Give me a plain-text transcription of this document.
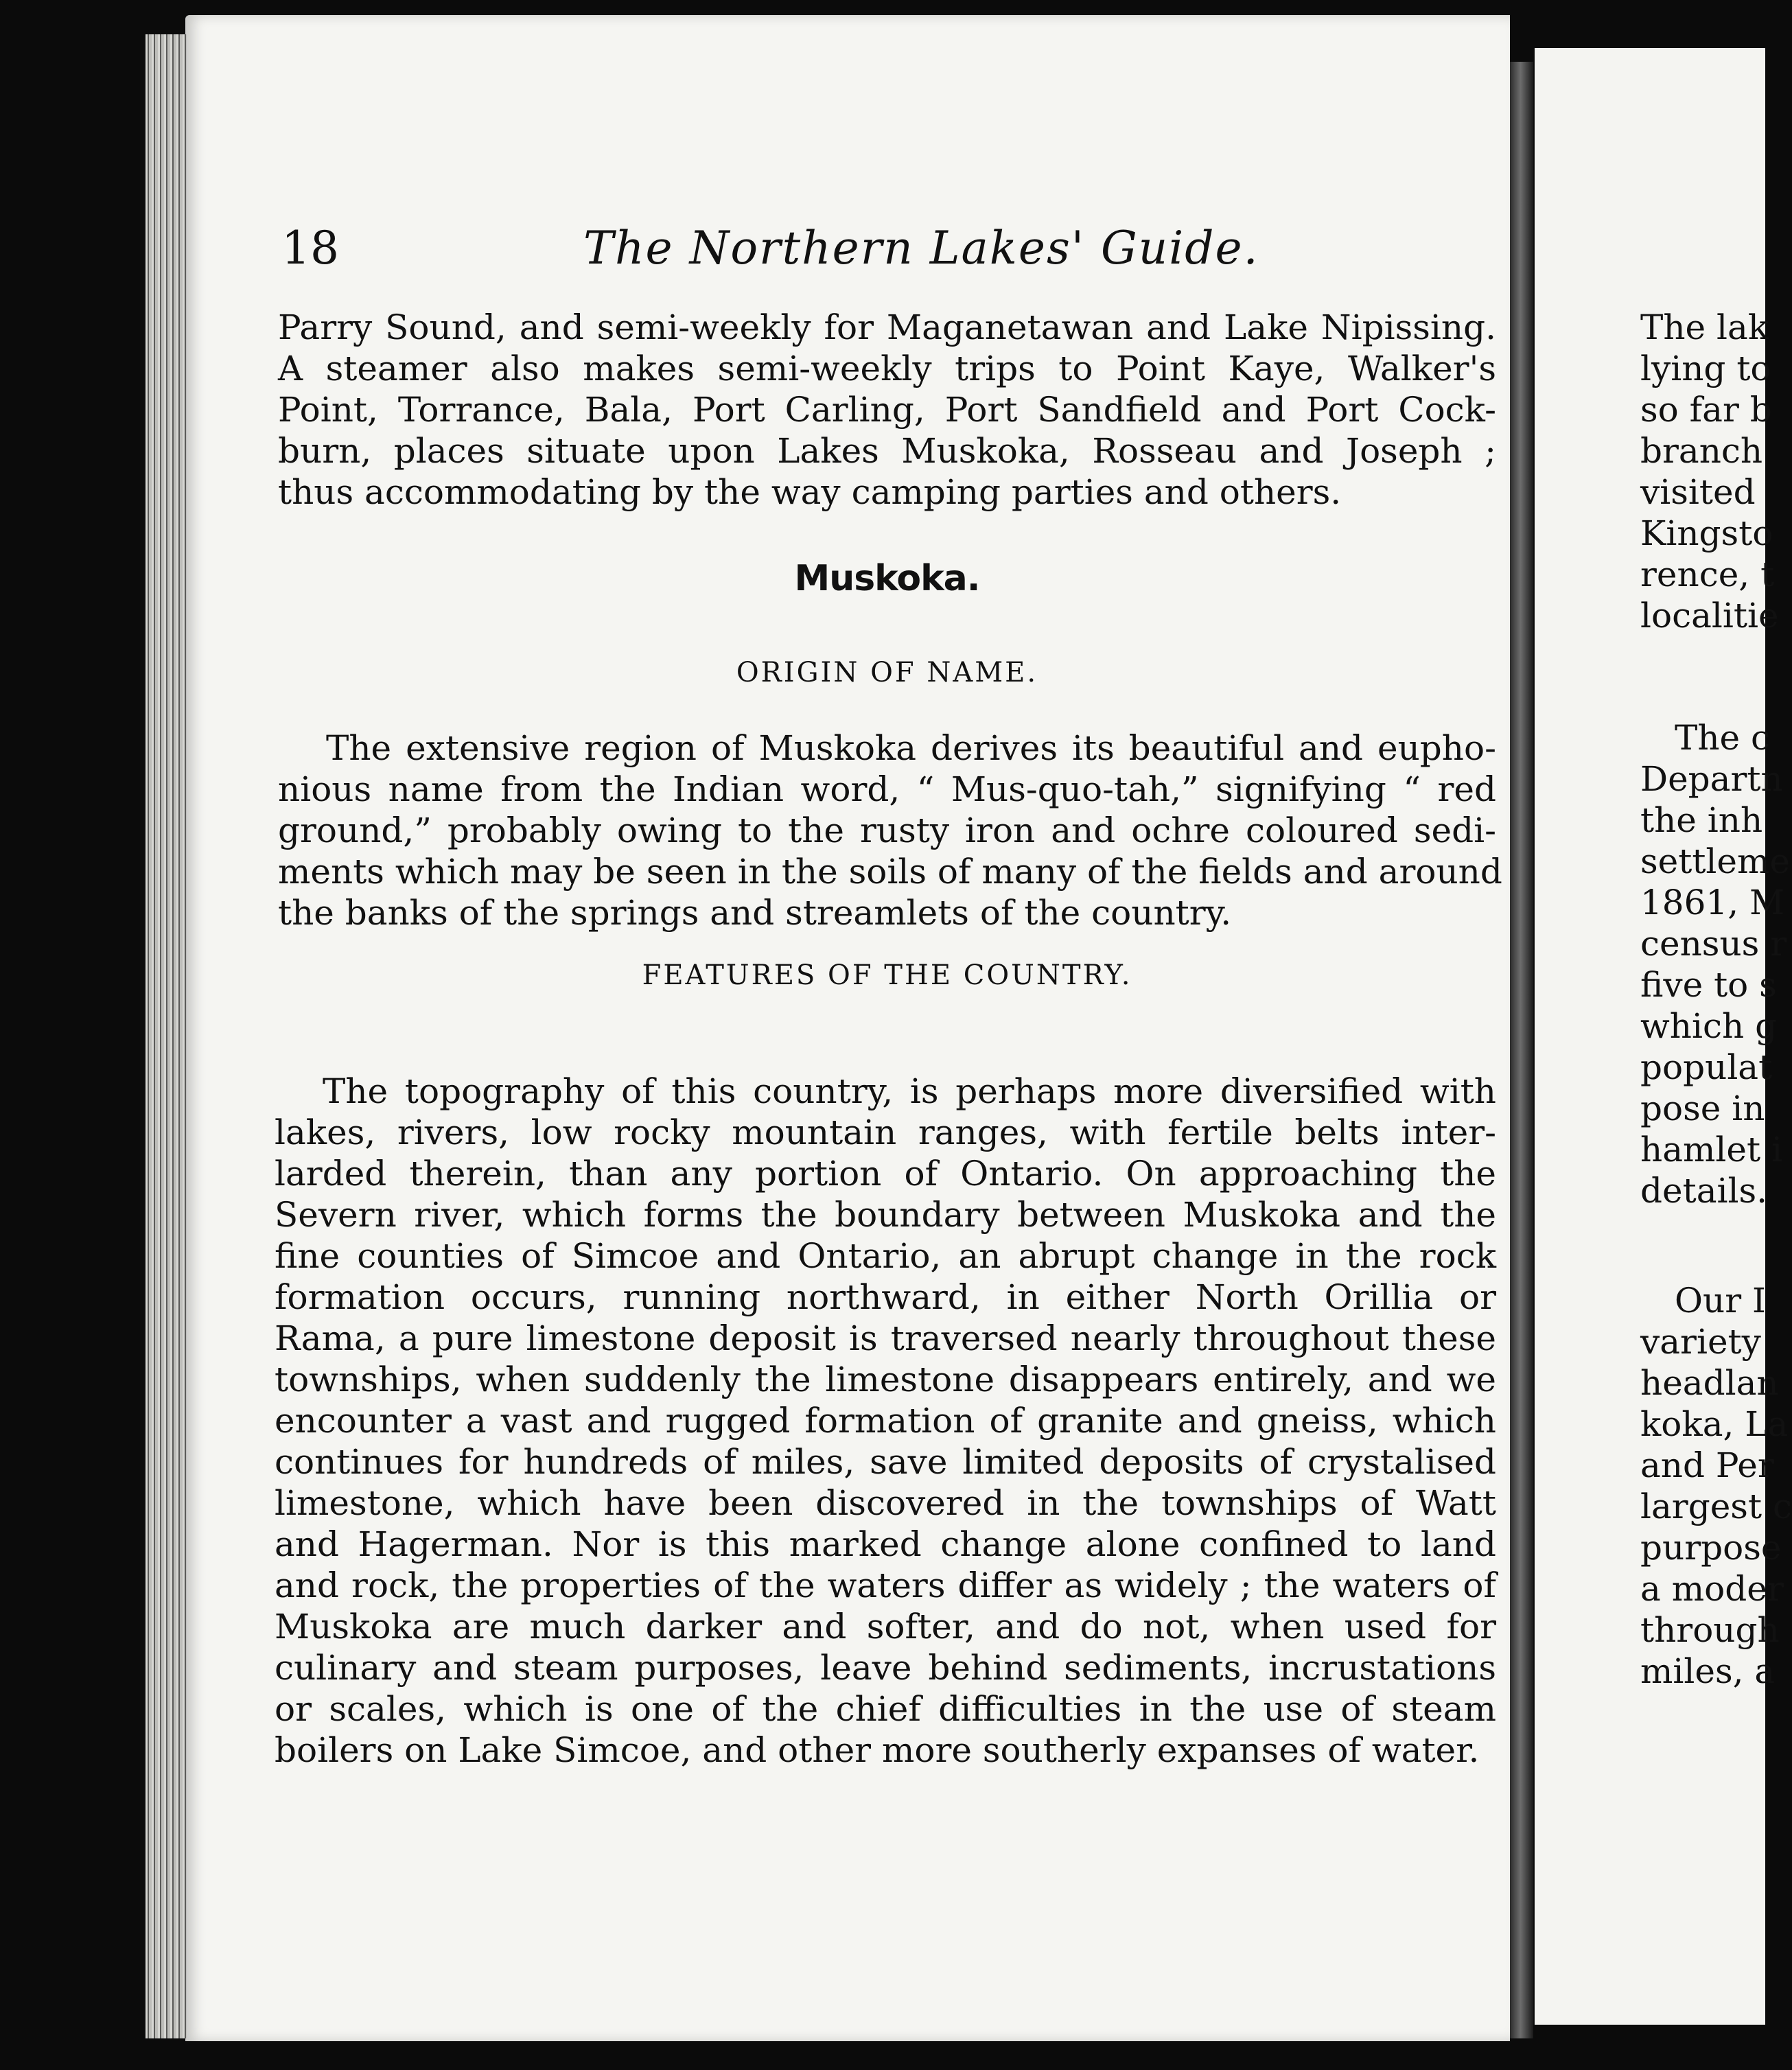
18	The Northern Lakes' Guide.
Parry Sound, and semi-weekly for Maganetawan and Lake Nipissing.
A steamer also makes semi-weekly trips to Point Kaye, Walker's
Point, Torrance, Bala, Port Carling, Port Sandfield and Port Cock-
burn, places situate upon Lakes Muskoka, Rosseau and Joseph ;
thus accommodating by the way camping parties and others.
Muskoka.
ORIGIN OF NAME.
The extensive region of Muskoka derives its beautiful and eupho-
nious name from the Indian word, “ Mus-quo-tah,” signifying “ red
ground,” probably owing to the rusty iron and ochre coloured sedi-
ments which may be seen in the soils of many of the fields and around
the banks of the springs and streamlets of the country.
FEATURES OF THE COUNTRY.
The topography of this country, is perhaps more diversified with
lakes, rivers, low rocky mountain ranges, with fertile belts inter-
larded therein, than any portion of Ontario. On approaching the
Severn river, which forms the boundary between Muskoka and the
fine counties of Simcoe and Ontario, an abrupt change in the rock
formation occurs, running northward, in either North Orillia or
Rama, a pure limestone deposit is traversed nearly throughout these
townships, when suddenly the limestone disappears entirely, and we
encounter a vast and rugged formation of granite and gneiss, which
continues for hundreds of miles, save limited deposits of crystalised
limestone, which have been discovered in the townships of Watt
and Hagerman. Nor is this marked change alone confined to land
and rock, the properties of the waters differ as widely ; the waters of
Muskoka are much darker and softer, and do not, when used for
culinary and steam purposes, leave behind sediments, incrustations
or scales, which is one of the chief difficulties in the use of steam
boilers on Lake Simcoe, and other more southerly expanses of water.
The lak
lying to
so far b
branch
visited
Kingsto
rence, t
localitie
The c
Departn
the inh
settleme
1861, M
census r
five to s
which g
populat
pose in
hamlet i
details.
Our I
variety
headlan
koka, La
and Per
largest c
purpose
a moder
through
miles, a
